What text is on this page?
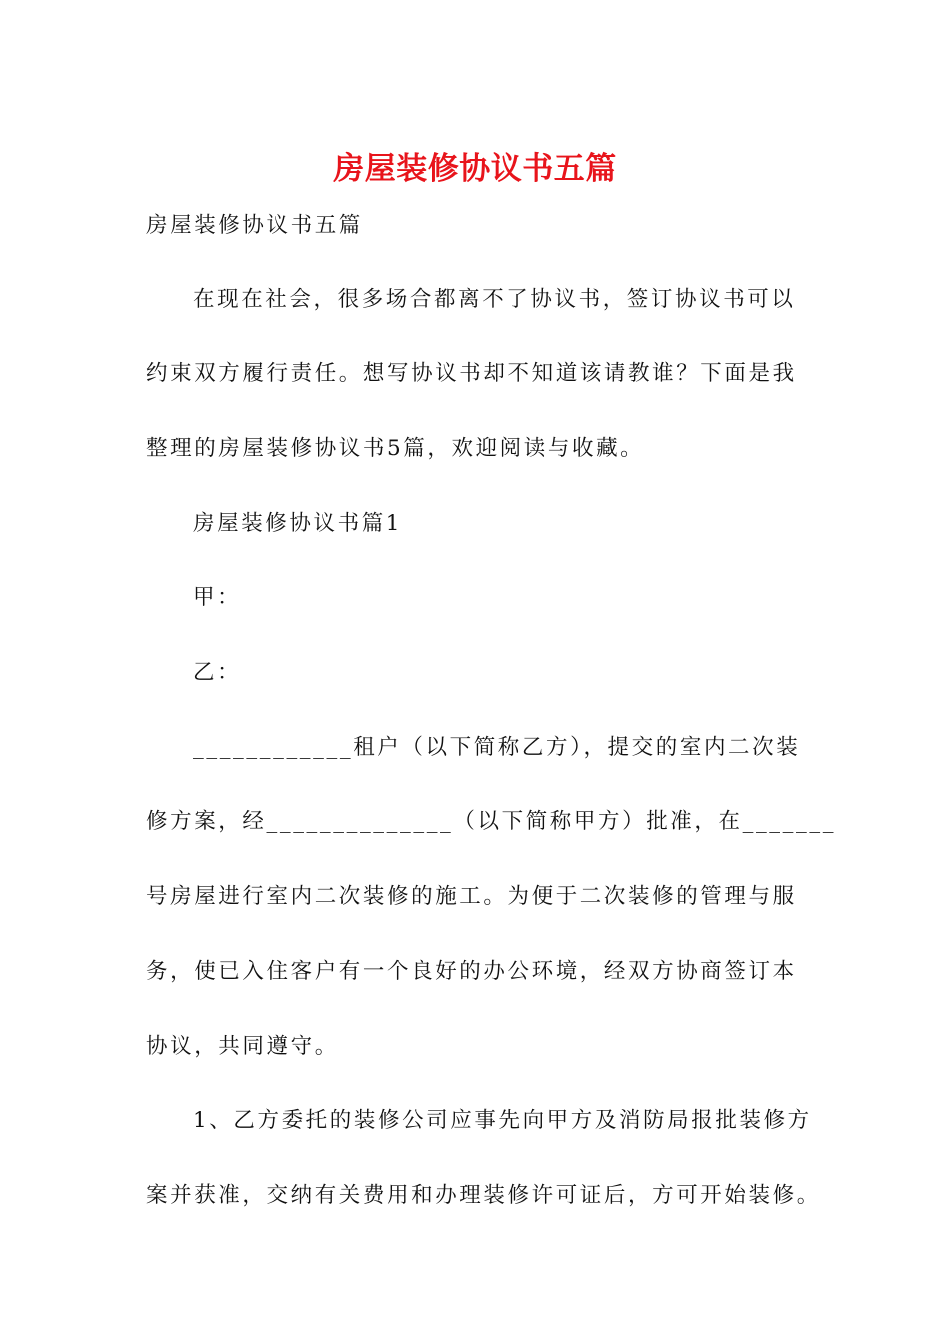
房屋装修协议书五篇
房屋装修协议书五篇
在现在社会，很多场合都离不了协议书，签订协议书可以
约束双方履行责任。想写协议书却不知道该请教谁？下面是我
整理的房屋装修协议书5篇，欢迎阅读与收藏。
房屋装修协议书篇1
甲：
乙：
____________租户（以下简称乙方），提交的室内二次装
修方案，经______________（以下简称甲方）批准，在_______
号房屋进行室内二次装修的施工。为便于二次装修的管理与服
务，使已入住客户有一个良好的办公环境，经双方协商签订本
协议，共同遵守。
1、乙方委托的装修公司应事先向甲方及消防局报批装修方
案并获准，交纳有关费用和办理装修许可证后，方可开始装修。
